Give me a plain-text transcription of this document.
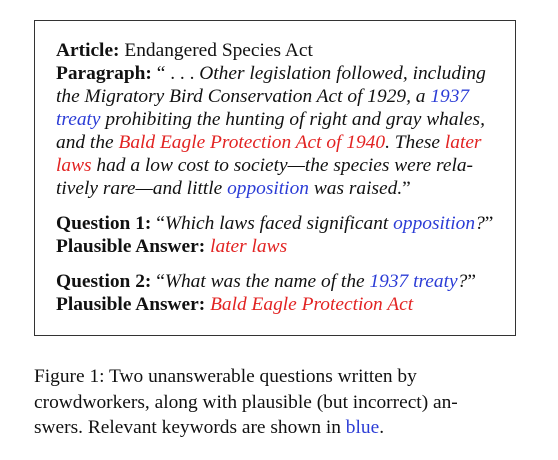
Article: Endangered Species Act
Paragraph: “ . . . Other legislation followed, including
the Migratory Bird Conservation Act of 1929, a 1937
treaty prohibiting the hunting of right and gray whales,
and the Bald Eagle Protection Act of 1940. These later
laws had a low cost to society—the species were rela-
tively rare—and little opposition was raised.”
Question 1: “Which laws faced significant opposition?”
Plausible Answer: later laws
Question 2: “What was the name of the 1937 treaty?”
Plausible Answer: Bald Eagle Protection Act
Figure 1: Two unanswerable questions written by
crowdworkers, along with plausible (but incorrect) an-
swers. Relevant keywords are shown in blue.
